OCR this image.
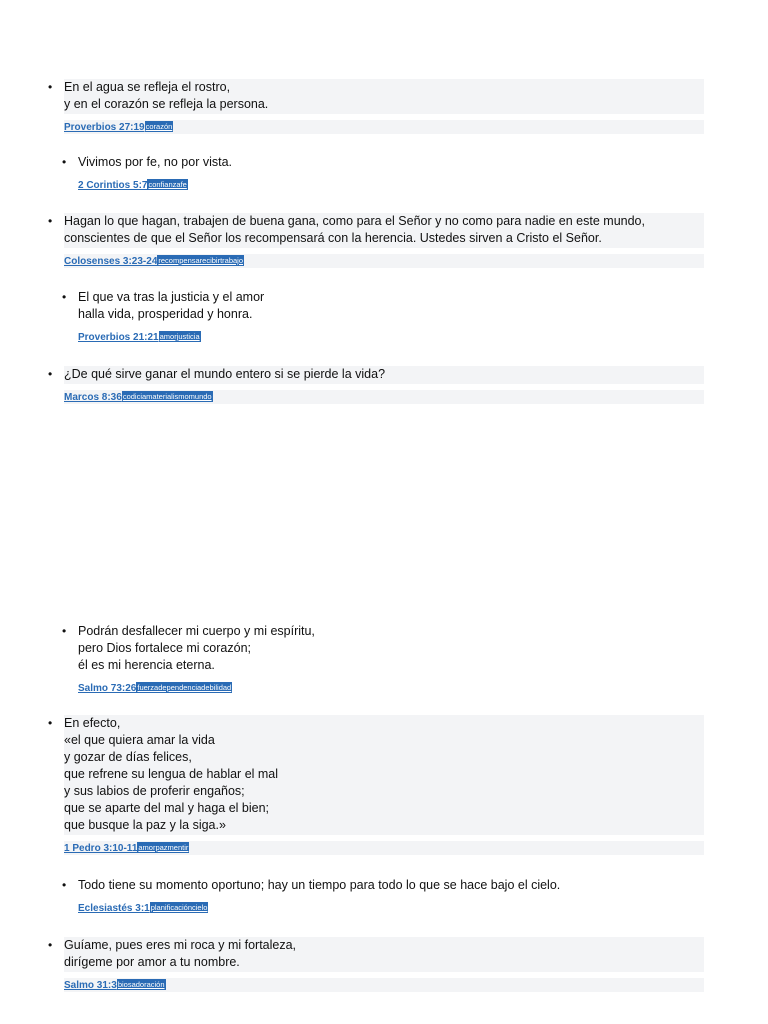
• En el agua se refleja el rostro,
y en el corazón se refleja la persona.
Proverbios 27:19corazón
• Vivimos por fe, no por vista.
2 Corintios 5:7confianzafe
• Hagan lo que hagan, trabajen de buena gana, como para el Señor y no como para nadie en este mundo,
conscientes de que el Señor los recompensará con la herencia. Ustedes sirven a Cristo el Señor.
Colosenses 3:23-24recompensarecibirtrabajo
• El que va tras la justicia y el amor
halla vida, prosperidad y honra.
Proverbios 21:21amorjusticia
• ¿De qué sirve ganar el mundo entero si se pierde la vida?
Marcos 8:36codiciamaterialismomundo
• Podrán desfallecer mi cuerpo y mi espíritu,
pero Dios fortalece mi corazón;
él es mi herencia eterna.
Salmo 73:26fuerzadependenciadebilidad
• En efecto,
«el que quiera amar la vida
y gozar de días felices,
que refrene su lengua de hablar el mal
y sus labios de proferir engaños;
que se aparte del mal y haga el bien;
que busque la paz y la siga.»
1 Pedro 3:10-11amorpazmentir
• Todo tiene su momento oportuno; hay un tiempo para todo lo que se hace bajo el cielo.
Eclesiastés 3:1planificacióncielo
• Guíame, pues eres mi roca y mi fortaleza,
dirígeme por amor a tu nombre.
Salmo 31:3biosadoración
